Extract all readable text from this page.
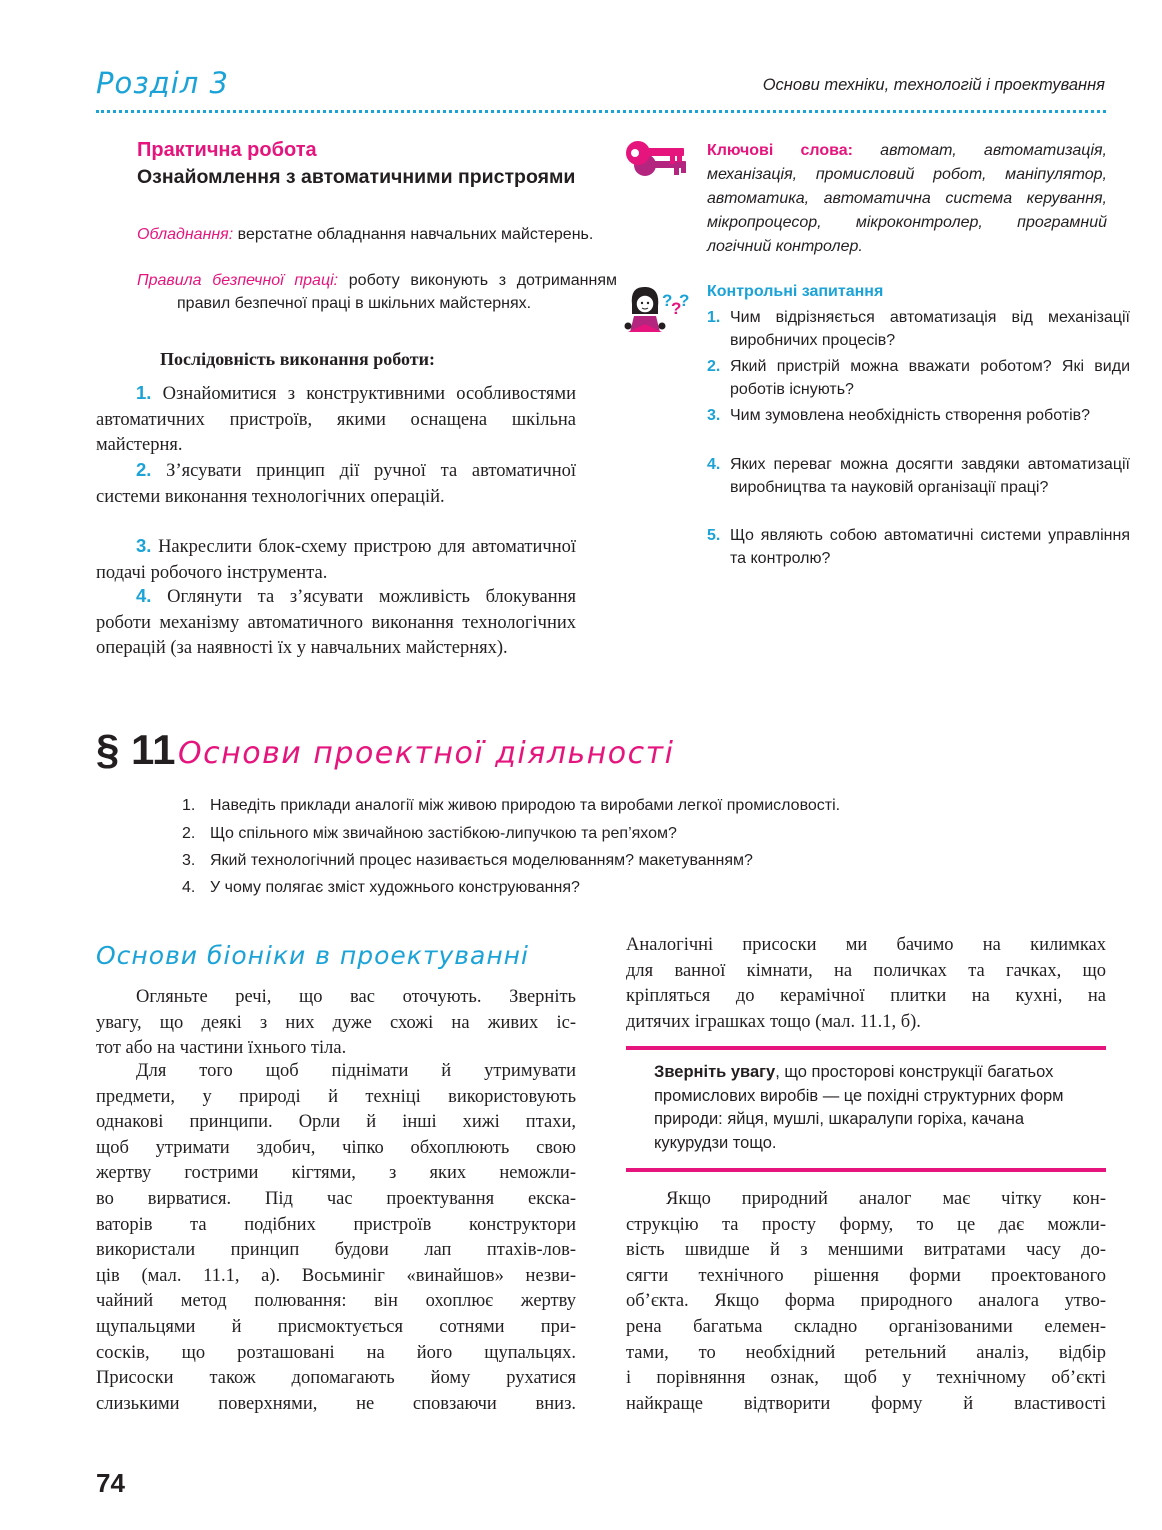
Розділ 3	Основи техніки, технологій і проектування
Практична робота
Ознайомлення з автоматичними пристроями
Обладнання: верстатне обладнання навчальних майстерень.
Правила безпечної праці: роботу виконують з дотриманням правил безпечної праці в шкільних майстернях.
Послідовність виконання роботи:
1. Ознайомитися з конструктивними особливостями автоматичних пристроїв, якими оснащена шкільна майстерня.
2. З’ясувати принцип дії ручної та автоматичної системи виконання технологічних операцій.
3. Накреслити блок-схему пристрою для автоматичної подачі робочого інструмента.
4. Оглянути та з’ясувати можливість блокування роботи механізму автоматичного виконання технологічних операцій (за наявності їх у навчальних майстернях).
Ключові слова: автомат, автоматизація, механізація, промисловий робот, маніпулятор, автоматика, автоматична система керування, мікропроцесор, мікроконтролер, програмний логічний контролер.
?
?
? Контрольні запитання
1. Чим відрізняється автоматизація від механізації виробничих процесів?
2. Який пристрій можна вважати роботом? Які види роботів існують?
3. Чим зумовлена необхідність створення роботів?
4. Яких переваг можна досягти завдяки автоматизації виробництва та науковій організації праці?
5. Що являють собою автоматичні системи управління та контролю?
§ 11 Основи проектної діяльності
1. Наведіть приклади аналогії між живою природою та виробами легкої промисловості.
2. Що спільного між звичайною застібкою-липучкою та реп’яхом?
3. Який технологічний процес називається моделюванням? макетуванням?
4. У чому полягає зміст художнього конструювання?
Основи біоніки в проектуванні
Огляньте речі, що вас оточують. Зверніть
увагу, що деякі з них дуже схожі на живих іс-
тот або на частини їхнього тіла.
Для того щоб піднімати й утримувати
предмети, у природі й техніці використовують
однакові принципи. Орли й інші хижі птахи,
щоб утримати здобич, чіпко обхоплюють свою
жертву гострими кігтями, з яких неможли-
во вирватися. Під час проектування екска-
ваторів та подібних пристроїв конструктори
використали принцип будови лап птахів-лов-
ців (мал. 11.1, а). Восьминіг «винайшов» незви-
чайний метод полювання: він охоплює жертву
щупальцями й присмоктується сотнями при-
сосків, що розташовані на його щупальцях.
Присоски також допомагають йому рухатися
слизькими поверхнями, не сповзаючи вниз.
Аналогічні присоски ми бачимо на килимках
для ванної кімнати, на поличках та гачках, що
кріпляться до керамічної плитки на кухні, на
дитячих іграшках тощо (мал. 11.1, б).
Зверніть увагу, що просторові конструкції багатьох промислових виробів — це похідні структурних форм природи: яйця, мушлі, шкаралупи горіха, качана кукурудзи тощо.
Якщо природний аналог має чітку кон-
струкцію та просту форму, то це дає можли-
вість швидше й з меншими витратами часу до-
сягти технічного рішення форми проектованого
об’єкта. Якщо форма природного аналога утво-
рена багатьма складно організованими елемен-
тами, то необхідний ретельний аналіз, відбір
і порівняння ознак, щоб у технічному об’єкті
найкраще відтворити форму й властивості
74
